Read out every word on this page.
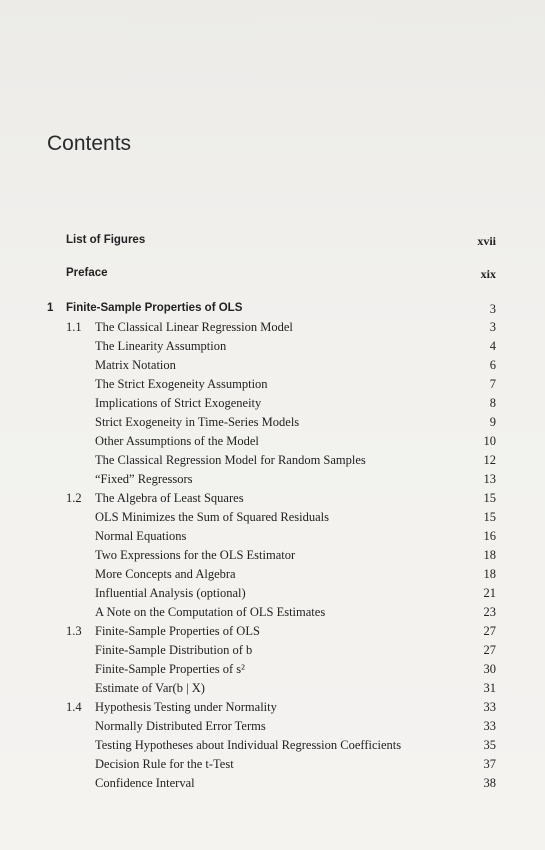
Contents
List of Figures	xvii
Preface	xix
1 Finite-Sample Properties of OLS	3
1.1 The Classical Linear Regression Model	3
The Linearity Assumption	4
Matrix Notation	6
The Strict Exogeneity Assumption	7
Implications of Strict Exogeneity	8
Strict Exogeneity in Time-Series Models	9
Other Assumptions of the Model	10
The Classical Regression Model for Random Samples	12
“Fixed” Regressors	13
1.2 The Algebra of Least Squares	15
OLS Minimizes the Sum of Squared Residuals	15
Normal Equations	16
Two Expressions for the OLS Estimator	18
More Concepts and Algebra	18
Influential Analysis (optional)	21
A Note on the Computation of OLS Estimates	23
1.3 Finite-Sample Properties of OLS	27
Finite-Sample Distribution of b	27
Finite-Sample Properties of s²	30
Estimate of Var(b | X)	31
1.4 Hypothesis Testing under Normality	33
Normally Distributed Error Terms	33
Testing Hypotheses about Individual Regression Coefficients	35
Decision Rule for the t-Test	37
Confidence Interval	38
